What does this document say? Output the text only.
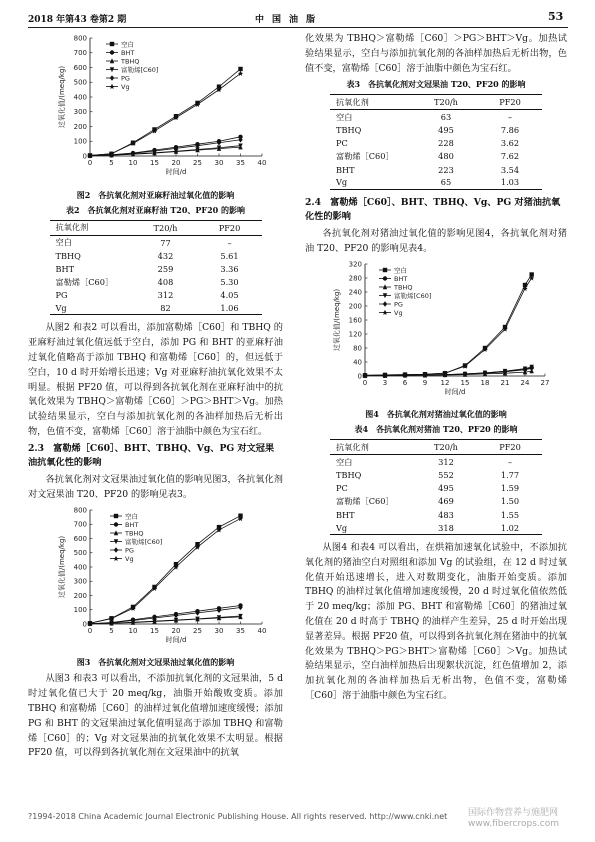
2018 年第43 卷第2 期	中国油脂	53
0
100
200
300
400
500
600
700
800
0 5 10 15 20 25 30 35 40
时间/d
过氧化值/(meq/kg)
空白
BHT
TBHQ
富勒烯[C60]
PG
Vg
图2　各抗氧化剂对亚麻籽油过氧化值的影响
表2　各抗氧化剂对亚麻籽油 T20、PF20 的影响
抗氧化剂	T20/h	PF20
空白	77	–
TBHQ	432	5.61
BHT	259	3.36
富勒烯［C60］	408	5.30
PG	312	4.05
Vg	82	1.06

从图2 和表2 可以看出，添加富勒烯［C60］和 TBHQ 的亚麻籽油过氧化值远低于空白，添加 PG 和 BHT 的亚麻籽油过氧化值略高于添加 TBHQ 和富勒烯［C60］的，但远低于空白，10 d 时开始增长迅速；Vg 对亚麻籽油抗氧化效果不太明显。根据 PF20 值，可以得到各抗氧化剂在亚麻籽油中的抗氧化效果为 TBHQ＞富勒烯［C60］＞PG＞BHT＞Vg。加热试验结果显示，空白与添加抗氧化剂的各油样加热后无析出物，色值不变，富勒烯［C60］溶于油脂中颜色为宝石红。

2.3　富勒烯［C60］、BHT、TBHQ、Vg、PG 对文冠果油抗氧化性的影响

各抗氧化剂对文冠果油过氧化值的影响见图3，各抗氧化剂对文冠果油 T20、PF20 的影响见表3。

0
100
200
300
400
500
600
700
800
0 5 10 15 20 25 30 35 40
时间/d
过氧化值/(meq/kg)
空白
BHT
TBHQ
富勒烯[C60]
PG
Vg
图3　各抗氧化剂对文冠果油过氧化值的影响

从图3 和表3 可以看出，不添加抗氧化剂的文冠果油，5 d 时过氧化值已大于 20 meq/kg，油脂开始酸败变质。添加 TBHQ 和富勒烯［C60］的油样过氧化值增加速度缓慢；添加 PG 和 BHT 的文冠果油过氧化值明显高于添加 TBHQ 和富勒烯［C60］的；Vg 对文冠果油的抗氧化效果不太明显。根据 PF20 值，可以得到各抗氧化剂在文冠果油中的抗氧

化效果为 TBHQ＞富勒烯［C60］＞PG＞BHT＞Vg。加热试验结果显示，空白与添加抗氧化剂的各油样加热后无析出物，色值不变，富勒烯［C60］溶于油脂中颜色为宝石红。

表3　各抗氧化剂对文冠果油 T20、PF20 的影响
抗氧化剂	T20/h	PF20
空白	63	–
TBHQ	495	7.86
PC	228	3.62
富勒烯［C60］	480	7.62
BHT	223	3.54
Vg	65	1.03
2.4　富勒烯［C60］、BHT、TBHQ、Vg、PG 对猪油抗氧化性的影响

各抗氧化剂对猪油过氧化值的影响见图4，各抗氧化剂对猪油 T20、PF20 的影响见表4。

0
40
80
120
160
200
240
280
320
0 3 6 9 12 15 18 21 24 27
时间/d
过氧化值/(meq/kg)
空白
BHT
TBHQ
富勒烯[C60]
PG
Vg
图4　各抗氧化剂对猪油过氧化值的影响
表4　各抗氧化剂对猪油 T20、PF20 的影响
抗氧化剂	T20/h	PF20
空白	312	–
TBHQ	552	1.77
PC	495	1.59
富勒烯［C60］	469	1.50
BHT	483	1.55
Vg	318	1.02

从图4 和表4 可以看出，在烘箱加速氧化试验中，不添加抗氧化剂的猪油空白对照组和添加 Vg 的试验组，在 12 d 时过氧化值开始迅速增长，进入对数期变化，油脂开始变质。添加 TBHQ 的油样过氧化值增加速度缓慢，20 d 时过氧化值依然低于 20 meq/kg；添加 PG、BHT 和富勒烯［C60］的猪油过氧化值在 20 d 时高于 TBHQ 的油样产生差异，25 d 时开始出现显著差异。根据 PF20 值，可以得到各抗氧化剂在猪油中的抗氧化效果为 TBHQ＞PG＞BHT＞富勒烯［C60］＞Vg。加热试验结果显示，空白油样加热后出现絮状沉淀，红色值增加 2，添加抗氧化剂的各油样加热后无析出物，色值不变，富勒烯［C60］溶于油脂中颜色为宝石红。

?1994-2018 China Academic Journal Electronic Publishing House. All rights reserved. http://www.cnki.net 国际作物营养与施肥网
www.fibercrops.com
